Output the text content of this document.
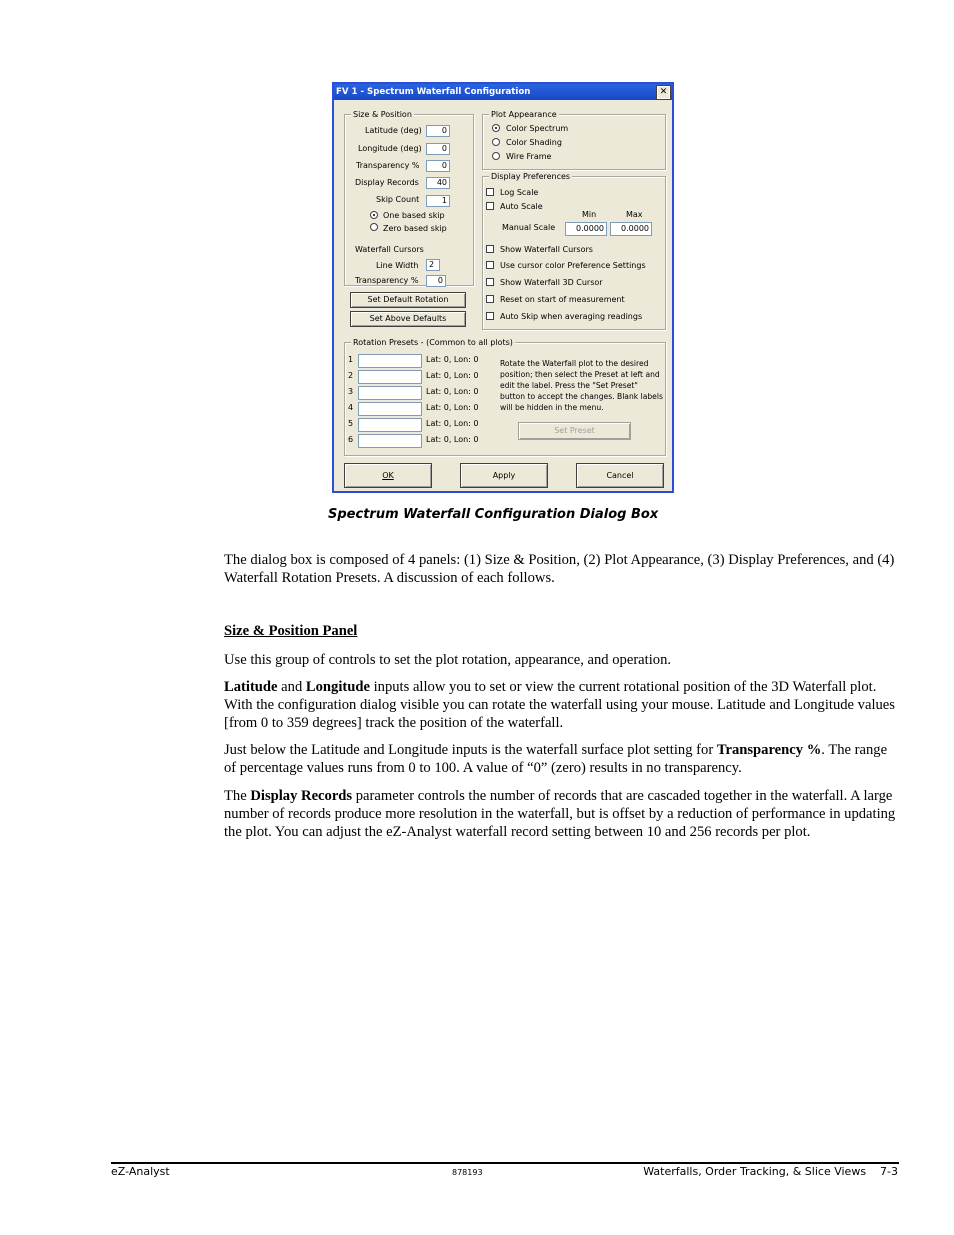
FV 1 - Spectrum Waterfall Configuration	✕
Size & Position
Latitude (deg)	0
Longitude (deg)	0
Transparency %	0
Display Records	40
Skip Count	1
One based skip
Zero based skip
Waterfall Cursors
Line Width	2
Transparency %	0
Set Default Rotation
Set Above Defaults
Plot Appearance
Color Spectrum
Color Shading
Wire Frame
Display Preferences
Log Scale
Auto Scale
Min	Max
Manual Scale	0.0000	0.0000
Show Waterfall Cursors
Use cursor color Preference Settings
Show Waterfall 3D Cursor
Reset on start of measurement
Auto Skip when averaging readings
Rotation Presets - (Common to all plots)
Rotate the Waterfall plot to the desired position; then select the Preset at left and edit the label. Press the "Set Preset" button to accept the changes. Blank labels will be hidden in the menu.
Set Preset
OK	Apply	Cancel
1	Lat: 0, Lon: 0
2	Lat: 0, Lon: 0
3	Lat: 0, Lon: 0
4	Lat: 0, Lon: 0
5	Lat: 0, Lon: 0
6	Lat: 0, Lon: 0
Spectrum Waterfall Configuration Dialog Box

The dialog box is composed of 4 panels: (1) Size & Position, (2) Plot Appearance, (3) Display Preferences, and (4) Waterfall Rotation Presets. A discussion of each follows.

Size & Position Panel

Use this group of controls to set the plot rotation, appearance, and operation.

Latitude and Longitude inputs allow you to set or view the current rotational position of the 3D Waterfall plot. With the configuration dialog visible you can rotate the waterfall using your mouse. Latitude and Longitude values [from 0 to 359 degrees] track the position of the waterfall.

Just below the Latitude and Longitude inputs is the waterfall surface plot setting for Transparency %. The range of percentage values runs from 0 to 100. A value of “0” (zero) results in no transparency.

The Display Records parameter controls the number of records that are cascaded together in the waterfall. A large number of records produce more resolution in the waterfall, but is offset by a reduction of performance in updating the plot. You can adjust the eZ-Analyst waterfall record setting between 10 and 256 records per plot.

eZ-Analyst	878193	Waterfalls, Order Tracking, & Slice Views    7-3
